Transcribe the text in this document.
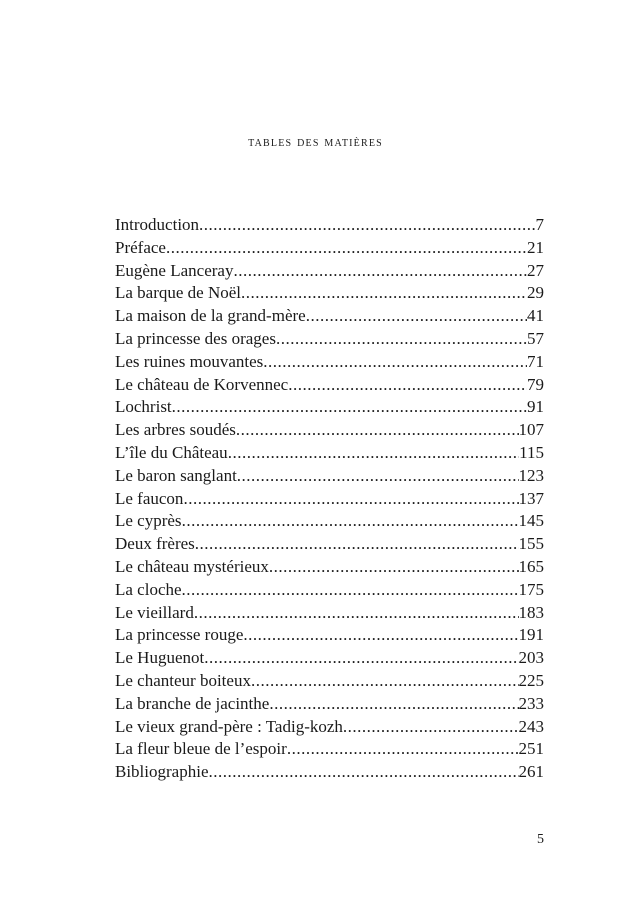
tables des matières
Introduction .....	7
Préface .....	21
Eugène Lanceray .....	27
La barque de Noël .....	29
La maison de la grand-mère .....	41
La princesse des orages .....	57
Les ruines mouvantes .....	71
Le château de Korvennec .....	79
Lochrist .....	91
Les arbres soudés .....	107
L’île du Château .....	115
Le baron sanglant .....	123
Le faucon .....	137
Le cyprès .....	145
Deux frères .....	155
Le château mystérieux .....	165
La cloche .....	175
Le vieillard .....	183
La princesse rouge .....	191
Le Huguenot .....	203
Le chanteur boiteux .....	225
La branche de jacinthe .....	233
Le vieux grand-père : Tadig-kozh .....	243
La fleur bleue de l’espoir .....	251
Bibliographie .....	261
5
